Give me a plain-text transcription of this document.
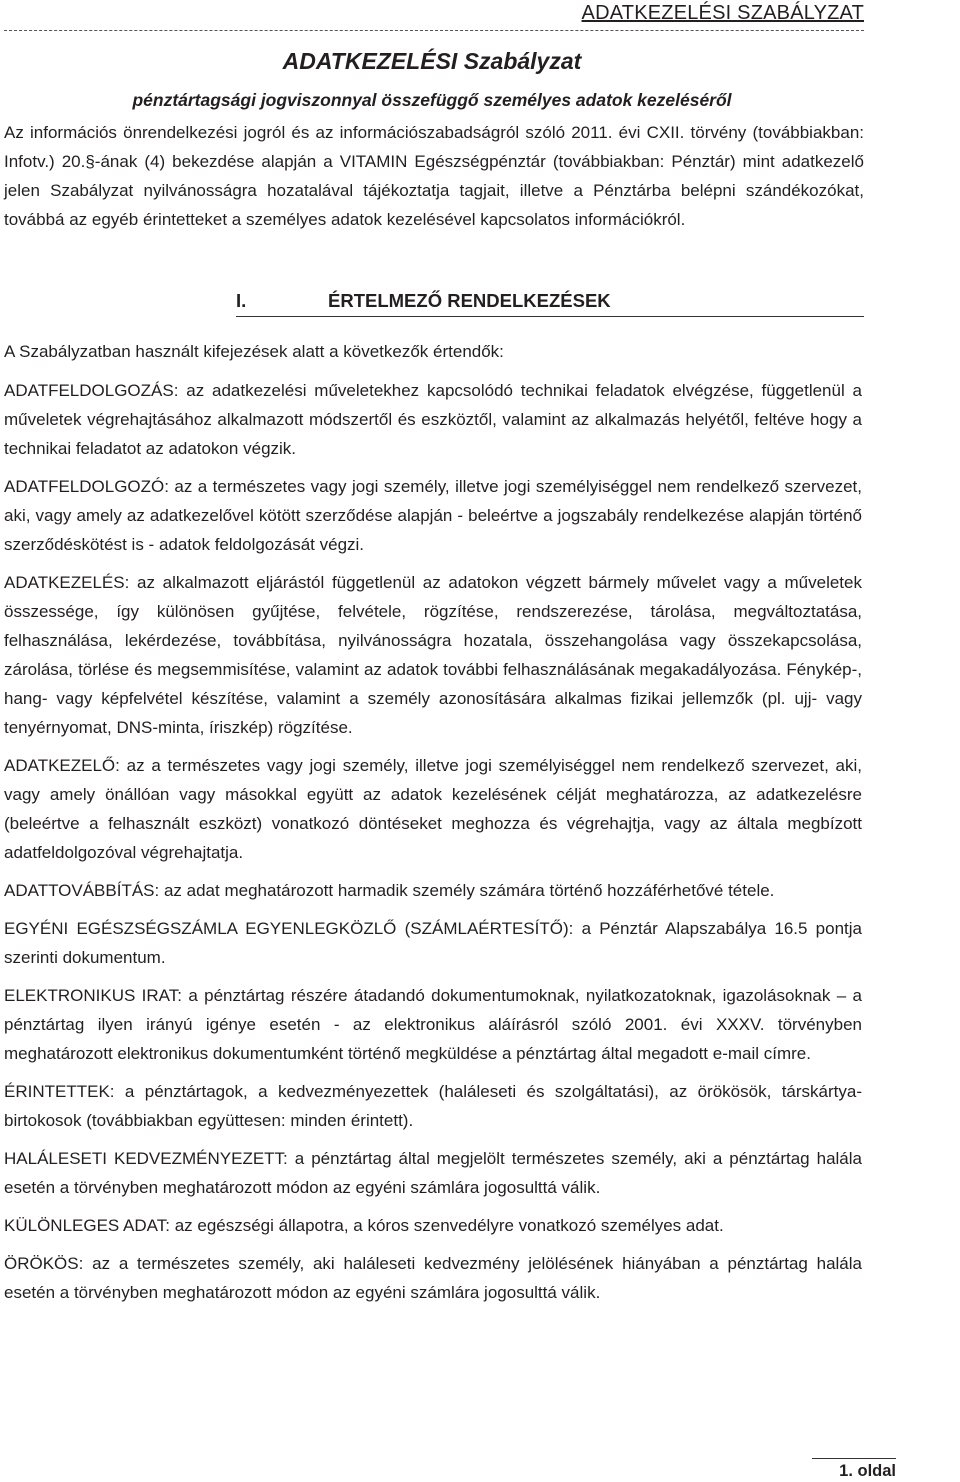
ADATKEZELÉSI SZABÁLYZAT
ADATKEZELÉSI Szabályzat
pénztártagsági jogviszonnyal összefüggő személyes adatok kezeléséről
Az információs önrendelkezési jogról és az információszabadságról szóló 2011. évi CXII. törvény (továbbiakban: Infotv.) 20.§-ának (4) bekezdése alapján a VITAMIN Egészségpénztár (továbbiakban: Pénztár) mint adatkezelő jelen Szabályzat nyilvánosságra hozatalával tájékoztatja tagjait, illetve a Pénztárba belépni szándékozókat, továbbá az egyéb érintetteket a személyes adatok kezelésével kapcsolatos információkról.
I.	ÉRTELMEZŐ RENDELKEZÉSEK

A Szabályzatban használt kifejezések alatt a következők értendők:

ADATFELDOLGOZÁS: az adatkezelési műveletekhez kapcsolódó technikai feladatok elvégzése, függetlenül a műveletek végrehajtásához alkalmazott módszertől és eszköztől, valamint az alkalmazás helyétől, feltéve hogy a technikai feladatot az adatokon végzik.

ADATFELDOLGOZÓ: az a természetes vagy jogi személy, illetve jogi személyiséggel nem rendelkező szervezet, aki, vagy amely az adatkezelővel kötött szerződése alapján - beleértve a jogszabály rendelkezése alapján történő szerződéskötést is - adatok feldolgozását végzi.

ADATKEZELÉS: az alkalmazott eljárástól függetlenül az adatokon végzett bármely művelet vagy a műveletek összessége, így különösen gyűjtése, felvétele, rögzítése, rendszerezése, tárolása, megváltoztatása, felhasználása, lekérdezése, továbbítása, nyilvánosságra hozatala, összehangolása vagy összekapcsolása, zárolása, törlése és megsemmisítése, valamint az adatok további felhasználásának megakadályozása. Fénykép-, hang- vagy képfelvétel készítése, valamint a személy azonosítására alkalmas fizikai jellemzők (pl. ujj- vagy tenyérnyomat, DNS-minta, íriszkép) rögzítése.

ADATKEZELŐ: az a természetes vagy jogi személy, illetve jogi személyiséggel nem rendelkező szervezet, aki, vagy amely önállóan vagy másokkal együtt az adatok kezelésének célját meghatározza, az adatkezelésre (beleértve a felhasznált eszközt) vonatkozó döntéseket meghozza és végrehajtja, vagy az általa megbízott adatfeldolgozóval végrehajtatja.

ADATTOVÁBBÍTÁS: az adat meghatározott harmadik személy számára történő hozzáférhetővé tétele.

EGYÉNI EGÉSZSÉGSZÁMLA EGYENLEGKÖZLŐ (SZÁMLAÉRTESÍTŐ): a Pénztár Alapszabálya 16.5 pontja szerinti dokumentum.

ELEKTRONIKUS IRAT: a pénztártag részére átadandó dokumentumoknak, nyilatkozatoknak, igazolásoknak – a pénztártag ilyen irányú igénye esetén - az elektronikus aláírásról szóló 2001. évi XXXV. törvényben meghatározott elektronikus dokumentumként történő megküldése a pénztártag által megadott e-mail címre.

ÉRINTETTEK: a pénztártagok, a kedvezményezettek (haláleseti és szolgáltatási), az örökösök, társkártya-birtokosok (továbbiakban együttesen: minden érintett).

HALÁLESETI KEDVEZMÉNYEZETT: a pénztártag által megjelölt természetes személy, aki a pénztártag halála esetén a törvényben meghatározott módon az egyéni számlára jogosulttá válik.

KÜLÖNLEGES ADAT: az egészségi állapotra, a kóros szenvedélyre vonatkozó személyes adat.

ÖRÖKÖS: az a természetes személy, aki haláleseti kedvezmény jelölésének hiányában a pénztártag halála esetén a törvényben meghatározott módon az egyéni számlára jogosulttá válik.

1. oldal
